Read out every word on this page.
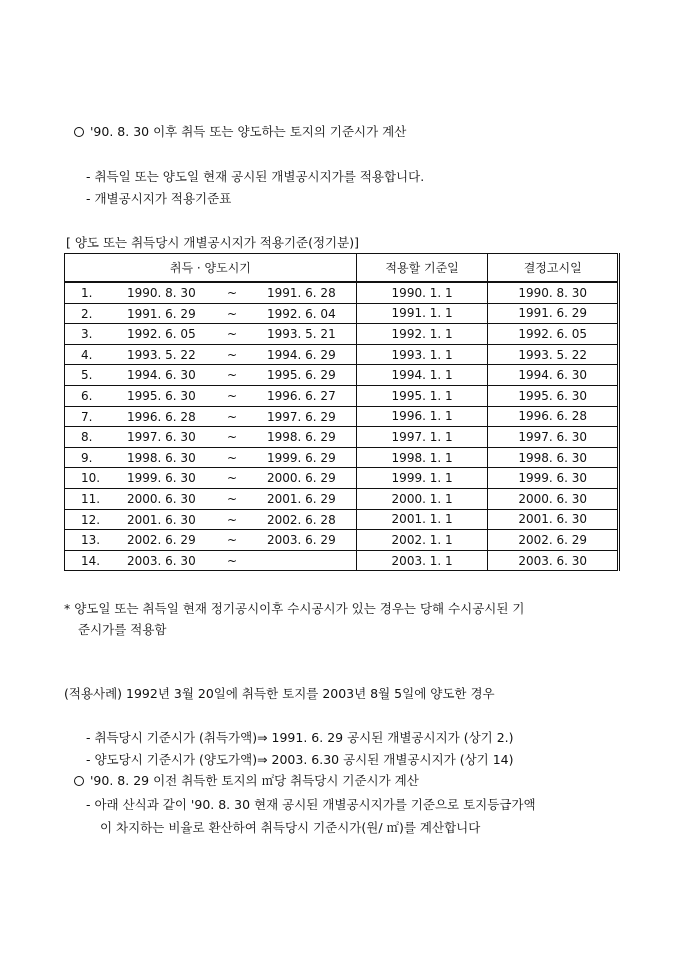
'90. 8. 30 이후 취득 또는 양도하는 토지의 기준시가 계산
- 취득일 또는 양도일 현재 공시된 개별공시지가를 적용합니다.
- 개별공시지가 적용기준표
[ 양도 또는 취득당시 개별공시지가 적용기준(정기분)]
취득 · 양도시기	적용할 기준일	결정고시일

1. 1990. 8. 30 ~ 1991. 6. 28	1990. 1. 1	1990. 8. 30

2. 1991. 6. 29 ~ 1992. 6. 04	1991. 1. 1	1991. 6. 29

3. 1992. 6. 05 ~ 1993. 5. 21	1992. 1. 1	1992. 6. 05

4. 1993. 5. 22 ~ 1994. 6. 29	1993. 1. 1	1993. 5. 22

5. 1994. 6. 30 ~ 1995. 6. 29	1994. 1. 1	1994. 6. 30

6. 1995. 6. 30 ~ 1996. 6. 27	1995. 1. 1	1995. 6. 30

7. 1996. 6. 28 ~ 1997. 6. 29	1996. 1. 1	1996. 6. 28

8. 1997. 6. 30 ~ 1998. 6. 29	1997. 1. 1	1997. 6. 30

9. 1998. 6. 30 ~ 1999. 6. 29	1998. 1. 1	1998. 6. 30

10. 1999. 6. 30 ~ 2000. 6. 29	1999. 1. 1	1999. 6. 30

11. 2000. 6. 30 ~ 2001. 6. 29	2000. 1. 1	2000. 6. 30

12. 2001. 6. 30 ~ 2002. 6. 28	2001. 1. 1	2001. 6. 30

13. 2002. 6. 29 ~ 2003. 6. 29	2002. 1. 1	2002. 6. 29

14. 2003. 6. 30 ~	2003. 1. 1	2003. 6. 30
* 양도일 또는 취득일 현재 정기공시이후 수시공시가 있는 경우는 당해 수시공시된 기
준시가를 적용함
(적용사례) 1992년 3월 20일에 취득한 토지를 2003년 8월 5일에 양도한 경우
- 취득당시 기준시가 (취득가액)⇒ 1991. 6. 29 공시된 개별공시지가 (상기 2.)
- 양도당시 기준시가 (양도가액)⇒ 2003. 6.30 공시된 개별공시지가 (상기 14)
'90. 8. 29 이전 취득한 토지의 ㎡당 취득당시 기준시가 계산
- 아래 산식과 같이 '90. 8. 30 현재 공시된 개별공시지가를 기준으로 토지등급가액
이 차지하는 비율로 환산하여 취득당시 기준시가(원/ ㎡)를 계산합니다
